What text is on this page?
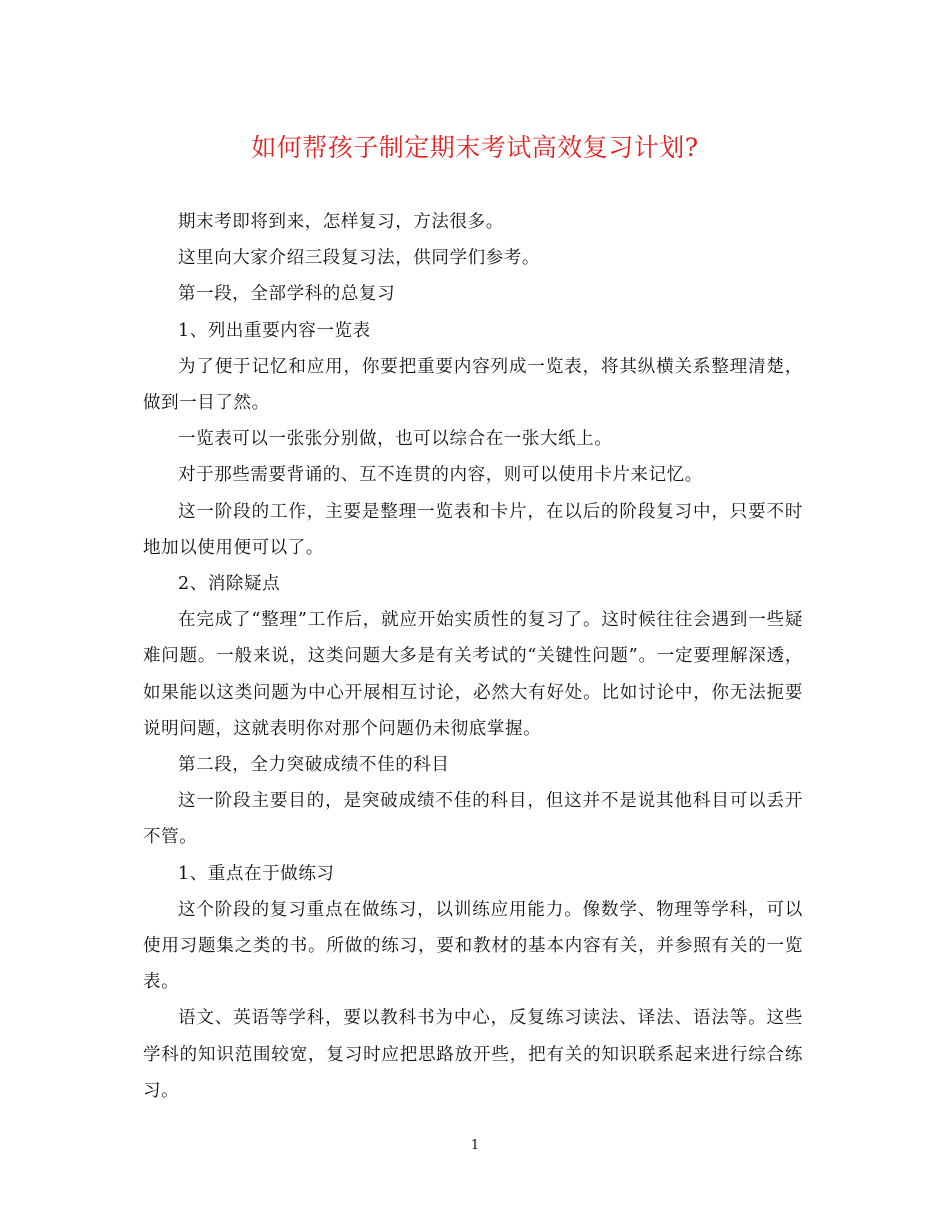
如何帮孩子制定期末考试高效复习计划?

期末考即将到来，怎样复习，方法很多。

这里向大家介绍三段复习法，供同学们参考。

第一段，全部学科的总复习

1、列出重要内容一览表

为了便于记忆和应用，你要把重要内容列成一览表，将其纵横关系整理清楚，做到一目了然。

一览表可以一张张分别做，也可以综合在一张大纸上。

对于那些需要背诵的、互不连贯的内容，则可以使用卡片来记忆。

这一阶段的工作，主要是整理一览表和卡片，在以后的阶段复习中，只要不时地加以使用便可以了。

2、消除疑点

在完成了“整理”工作后，就应开始实质性的复习了。这时候往往会遇到一些疑难问题。一般来说，这类问题大多是有关考试的“关键性问题”。一定要理解深透，如果能以这类问题为中心开展相互讨论，必然大有好处。比如讨论中，你无法扼要说明问题，这就表明你对那个问题仍未彻底掌握。

第二段，全力突破成绩不佳的科目

这一阶段主要目的，是突破成绩不佳的科目，但这并不是说其他科目可以丢开不管。

1、重点在于做练习

这个阶段的复习重点在做练习，以训练应用能力。像数学、物理等学科，可以使用习题集之类的书。所做的练习，要和教材的基本内容有关，并参照有关的一览表。

语文、英语等学科，要以教科书为中心，反复练习读法、译法、语法等。这些学科的知识范围较宽，复习时应把思路放开些，把有关的知识联系起来进行综合练习。

1
